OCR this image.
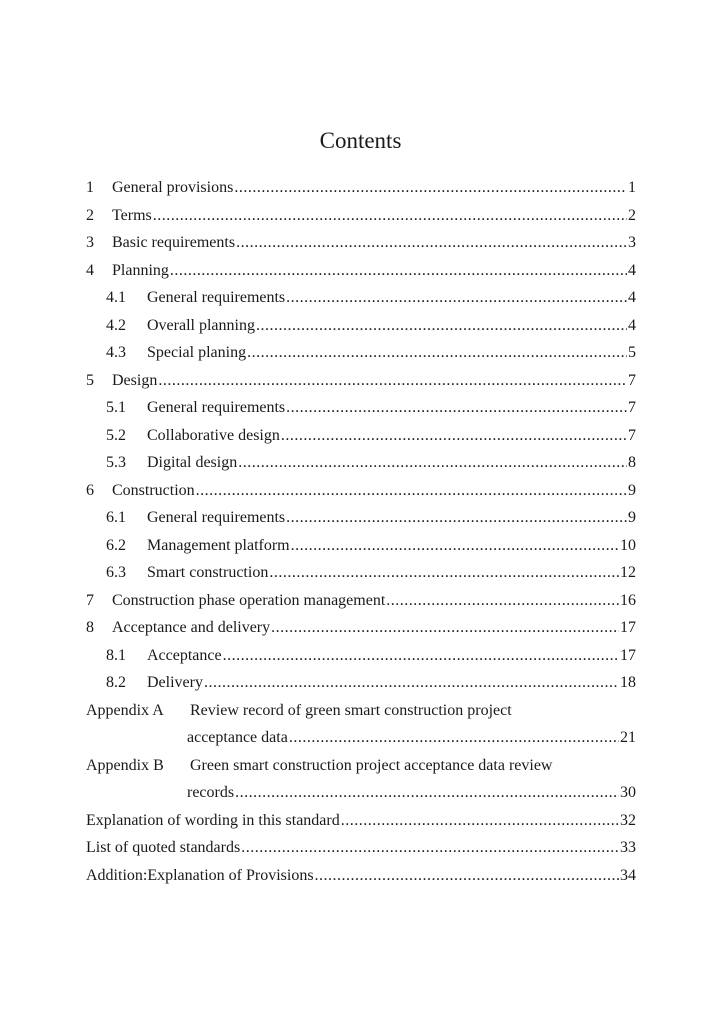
Contents
1	General provisions .....	1
2	Terms .....	2
3	Basic requirements .....	3
4	Planning .....	4
4.1	General requirements .....	4
4.2	Overall planning .....	4
4.3	Special planing .....	5
5	Design .....	7
5.1	General requirements .....	7
5.2	Collaborative design .....	7
5.3	Digital design .....	8
6	Construction .....	9
6.1	General requirements .....	9
6.2	Management platform .....	10
6.3	Smart construction .....	12
7	Construction phase operation management .....	16
8	Acceptance and delivery .....	17
8.1	Acceptance .....	17
8.2	Delivery .....	18
Appendix A Review record of green smart construction project
acceptance data .....	21
Appendix B Green smart construction project acceptance data review
records .....	30
Explanation of wording in this standard .....	32
List of quoted standards .....	33
Addition:Explanation of Provisions .....	34
